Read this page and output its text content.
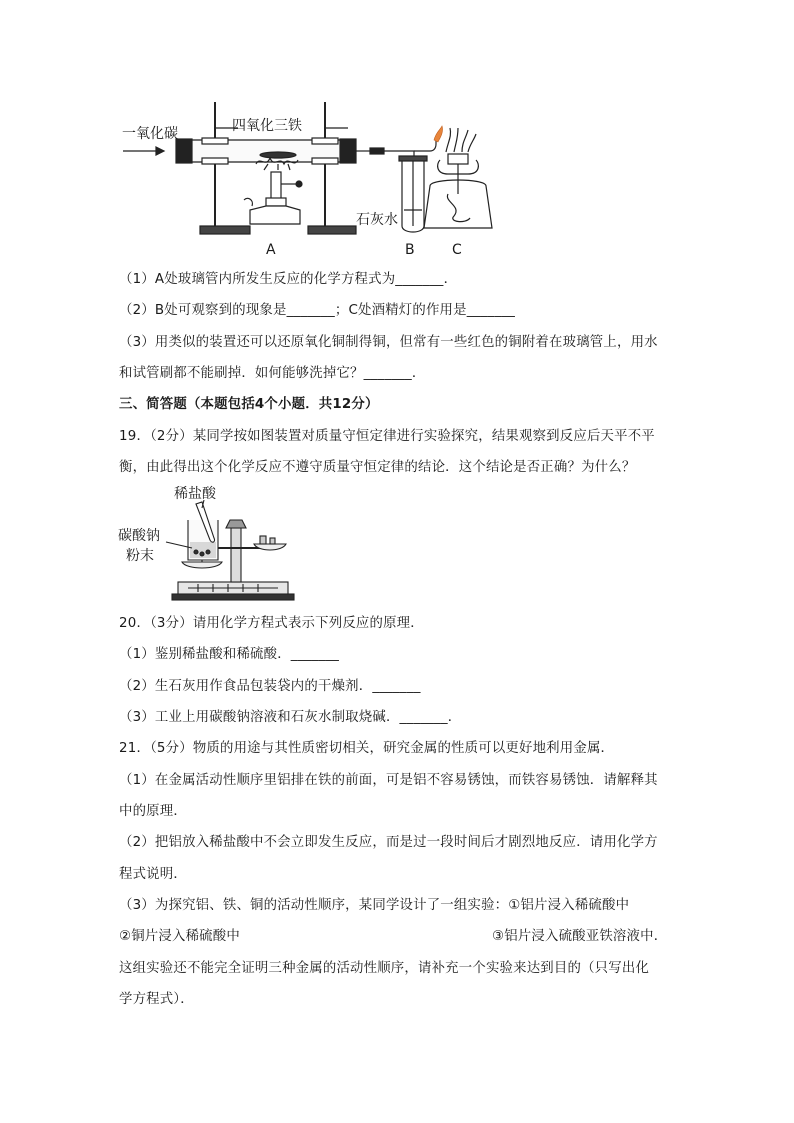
一氧化碳	四氧化三铁
石灰水
A	B	C
（1）A处玻璃管内所发生反应的化学方程式为_______．
（2）B处可观察到的现象是_______；C处酒精灯的作用是_______
（3）用类似的装置还可以还原氧化铜制得铜，但常有一些红色的铜附着在玻璃管上，用水
和试管刷都不能刷掉．如何能够洗掉它？_______．
三、简答题（本题包括4个小题．共12分）
19．（2分）某同学按如图装置对质量守恒定律进行实验探究，结果观察到反应后天平不平
衡，由此得出这个化学反应不遵守质量守恒定律的结论．这个结论是否正确？为什么？
稀盐酸
碳酸钠
粉末
20．（3分）请用化学方程式表示下列反应的原理．
（1）鉴别稀盐酸和稀硫酸．_______
（2）生石灰用作食品包装袋内的干燥剂．_______
（3）工业上用碳酸钠溶液和石灰水制取烧碱．_______．
21．（5分）物质的用途与其性质密切相关，研究金属的性质可以更好地利用金属．
（1）在金属活动性顺序里铝排在铁的前面，可是铝不容易锈蚀，而铁容易锈蚀．请解释其
中的原理．
（2）把铝放入稀盐酸中不会立即发生反应，而是过一段时间后才剧烈地反应．请用化学方
程式说明．
（3）为探究铝、铁、铜的活动性顺序，某同学设计了一组实验：①铝片浸入稀硫酸中
②铜片浸入稀硫酸中	③铝片浸入硫酸亚铁溶液中．
这组实验还不能完全证明三种金属的活动性顺序，请补充一个实验来达到目的（只写出化
学方程式）．
